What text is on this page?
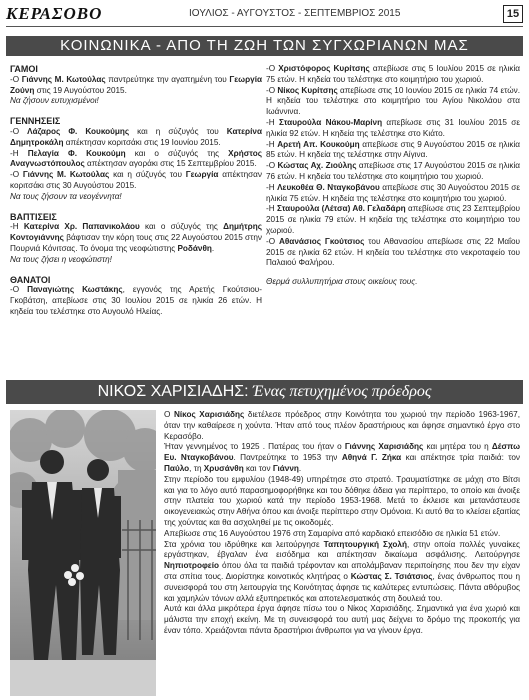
ΚΕΡΑΣΟΒΟ	ΙΟΥΛΙΟΣ - ΑΥΓΟΥΣΤΟΣ - ΣΕΠΤΕΜΒΡΙΟΣ 2015	15
ΚΟΙΝΩΝΙΚΑ - ΑΠΟ ΤΗ ΖΩΗ ΤΩΝ ΣΥΓΧΩΡΙΑΝΩΝ ΜΑΣ

ΓΑΜΟΙ

-Ο Γιάννης Μ. Κωτούλας παντρεύτηκε την αγαπημένη του Γεωργία Ζούνη στις 19 Αυγούστου 2015.

Να ζήσουν ευτυχισμένοι!

ΓΕΝΝΗΣΕΙΣ

-Ο Λάζαρος Φ. Κουκούμης και η σύζυγός του Κατερίνα Δημητροκάλη απέκτησαν κοριτσάκι στις 19 Ιουνίου 2015.

-Η Πελαγία Φ. Κουκούμη και ο σύζυγός της Χρήστος Αναγνωστόπουλος απέκτησαν αγοράκι στις 15 Σεπτεμβρίου 2015.

-Ο Γιάννης Μ. Κωτούλας και η σύζυγός του Γεωργία απέκτησαν κοριτσάκι στις 30 Αυγούστου 2015.

Να τους ζήσουν τα νεογέννητα!

ΒΑΠΤΙΣΕΙΣ

-Η Κατερίνα Χρ. Παπανικολάου και ο σύζυγός της Δημήτρης Κοντογιάννης βάφτισαν την κόρη τους στις 22 Αυγούστου 2015 στην Πουρνιά Κόνιτσας. Το όνομα της νεοφώτιστης Ροδάνθη.

Να τους ζήσει η νεοφώτιστη!

ΘΑΝΑΤΟΙ

-Ο Παναγιώτης Κωστάκης, εγγονός της Αρετής Γκούτσιου-Γκοβάτση, απεβίωσε στις 30 Ιουλίου 2015 σε ηλικία 26 ετών. Η κηδεία του τελέστηκε στο Αυγουλό Ηλείας.

-Ο Χριστόφορος Κυρίτσης απεβίωσε στις 5 Ιουλίου 2015 σε ηλικία 75 ετών. Η κηδεία του τελέστηκε στο κοιμητήριο του χωριού.

-Ο Νίκος Κυρίτσης απεβίωσε στις 10 Ιουνίου 2015 σε ηλικία 74 ετών. Η κηδεία του τελέστηκε στο κοιμητήριο του Αγίου Νικολάου στα Ιωάννινα.

-Η Σταυρούλα Νάκου-Μαρίνη απεβίωσε στις 31 Ιουλίου 2015 σε ηλικία 92 ετών. Η κηδεία της τελέστηκε στο Κιάτο.

-Η Αρετή Απ. Κουκούμη απεβίωσε στις 9 Αυγούστου 2015 σε ηλικία 85 ετών. Η κηδεία της τελέστηκε στην Αίγινα.

-Ο Κώστας Αχ. Ζιούλης απεβίωσε στις 17 Αυγούστου 2015 σε ηλικία 76 ετών. Η κηδεία του τελέστηκε στο κοιμητήριο του χωριού.

-Η Λευκοθέα Θ. Νταγκοβάνου απεβίωσε στις 30 Αυγούστου 2015 σε ηλικία 75 ετών. Η κηδεία της τελέστηκε στο κοιμητήριο του χωριού.

-Η Σταυρούλα (Λέτσα) Αθ. Γελαδάρη απεβίωσε στις 23 Σεπτεμβρίου 2015 σε ηλικία 79 ετών. Η κηδεία της τελέστηκε στο κοιμητήριο του χωριού.

-Ο Αθανάσιος Γκούτσιος του Αθανασίου απεβίωσε στις 22 Μαΐου 2015 σε ηλικία 62 ετών. Η κηδεία του τελέστηκε στο νεκροταφείο του Παλαιού Φαλήρου.

Θερμά συλλυπητήρια στους οικείους τους.

ΝΙΚΟΣ ΧΑΡΙΣΙΑΔΗΣ: Ένας πετυχημένος πρόεδρος

Ο Νίκος Χαρισιάδης διετέλεσε πρόεδρος στην Κοινότητα του χωριού την περίοδο 1963-1967, όταν την καθαίρεσε η χούντα. Ήταν από τους πλέον δραστήριους και άφησε σημαντικό έργο στο Κερασόβο.

Ήταν γεννημένος το 1925 . Πατέρας του ήταν ο Γιάννης Χαρισιάδης και μητέρα του η Δέσπω Ευ. Νταγκοβάνου. Παντρεύτηκε το 1953 την Αθηνά Γ. Ζήκα και απέκτησε τρία παιδιά: τον Παύλο, τη Χρυσάνθη και τον Γιάννη.

Στην περίοδο του εμφυλίου (1948-49) υπηρέτησε στο στρατό. Τραυματίστηκε σε μάχη στο Βίτσι και για το λόγο αυτό παρασημοφορήθηκε και του δόθηκε άδεια για περίπτερο, το οποίο και άνοιξε στην πλατεία του χωριού κατά την περίοδο 1953-1968. Μετά το έκλεισε και μετανάστευσε οικογενειακώς στην Αθήνα όπου και άνοιξε περίπτερο στην Ομόνοια. Κι αυτό θα το κλείσει εξαιτίας της χούντας και θα ασχοληθεί με τις οικοδομές.

Απεβίωσε στις 16 Αυγούστου 1976 στη Σαμαρίνα από καρδιακό επεισόδιο σε ηλικία 51 ετών.

Στα χρόνια του ιδρύθηκε και λειτούργησε Ταπητουργική Σχολή, στην οποία πολλές γυναίκες εργάστηκαν, έβγαλαν ένα εισόδημα και απέκτησαν δικαίωμα ασφάλισης. Λειτούργησε Νηπιοτροφείο όπου όλα τα παιδιά τρέφονταν και απολάμβαναν περιποίησης που δεν την είχαν στα σπίτια τους. Διορίστηκε κοινοτικός κλητήρας ο Κώστας Σ. Τσιάτσιος, ένας άνθρωπος που η συνεισφορά του στη λειτουργία της Κοινότητας άφησε τις καλύτερες εντυπώσεις. Πάντα αθόρυβος και χαμηλών τόνων αλλά εξυπηρετικός και αποτελεσματικός στη δουλειά του.

Αυτά και άλλα μικρότερα έργα άφησε πίσω του ο Νίκος Χαρισιάδης. Σημαντικά για ένα χωριό και μάλιστα την εποχή εκείνη. Με τη συνεισφορά του αυτή μας δείχνει το δρόμο της προκοπής για έναν τόπο. Χρειάζονται πάντα δραστήριοι άνθρωποι για να γίνουν έργα.
